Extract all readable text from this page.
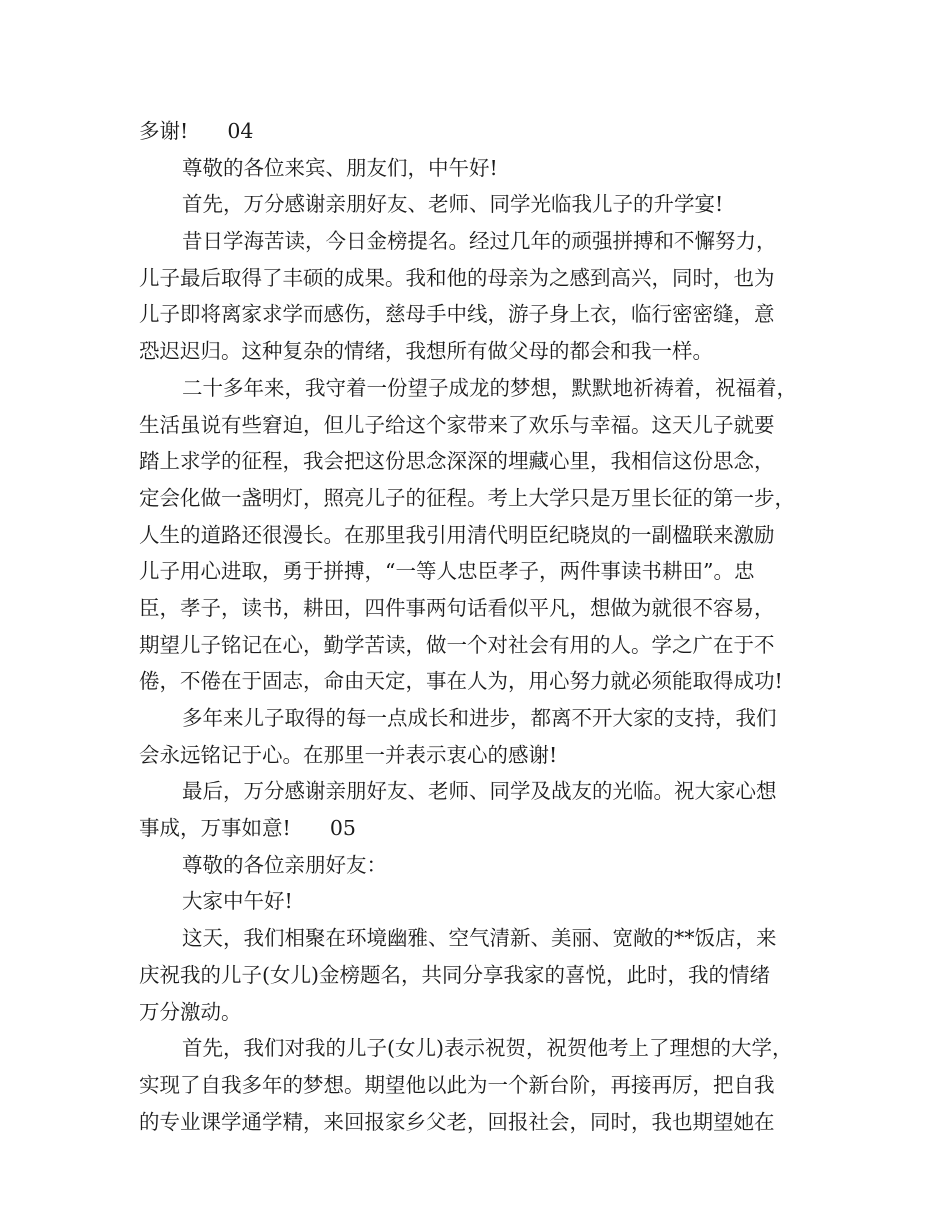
多谢!      04
尊敬的各位来宾、朋友们，中午好!
首先，万分感谢亲朋好友、老师、同学光临我儿子的升学宴!
昔日学海苦读，今日金榜提名。经过几年的顽强拼搏和不懈努力，
儿子最后取得了丰硕的成果。我和他的母亲为之感到高兴，同时，也为
儿子即将离家求学而感伤，慈母手中线，游子身上衣，临行密密缝，意
恐迟迟归。这种复杂的情绪，我想所有做父母的都会和我一样。
二十多年来，我守着一份望子成龙的梦想，默默地祈祷着，祝福着，
生活虽说有些窘迫，但儿子给这个家带来了欢乐与幸福。这天儿子就要
踏上求学的征程，我会把这份思念深深的埋藏心里，我相信这份思念，
定会化做一盏明灯，照亮儿子的征程。考上大学只是万里长征的第一步，
人生的道路还很漫长。在那里我引用清代明臣纪晓岚的一副楹联来激励
儿子用心进取，勇于拼搏，“一等人忠臣孝子，两件事读书耕田”。忠
臣，孝子，读书，耕田，四件事两句话看似平凡，想做为就很不容易，
期望儿子铭记在心，勤学苦读，做一个对社会有用的人。学之广在于不
倦，不倦在于固志，命由天定，事在人为，用心努力就必须能取得成功!
多年来儿子取得的每一点成长和进步，都离不开大家的支持，我们
会永远铭记于心。在那里一并表示衷心的感谢!
最后，万分感谢亲朋好友、老师、同学及战友的光临。祝大家心想
事成，万事如意!      05
尊敬的各位亲朋好友：
大家中午好!
这天，我们相聚在环境幽雅、空气清新、美丽、宽敞的**饭店，来
庆祝我的儿子(女儿)金榜题名，共同分享我家的喜悦，此时，我的情绪
万分激动。
首先，我们对我的儿子(女儿)表示祝贺，祝贺他考上了理想的大学，
实现了自我多年的梦想。期望他以此为一个新台阶，再接再厉，把自我
的专业课学通学精，来回报家乡父老，回报社会，同时，我也期望她在
